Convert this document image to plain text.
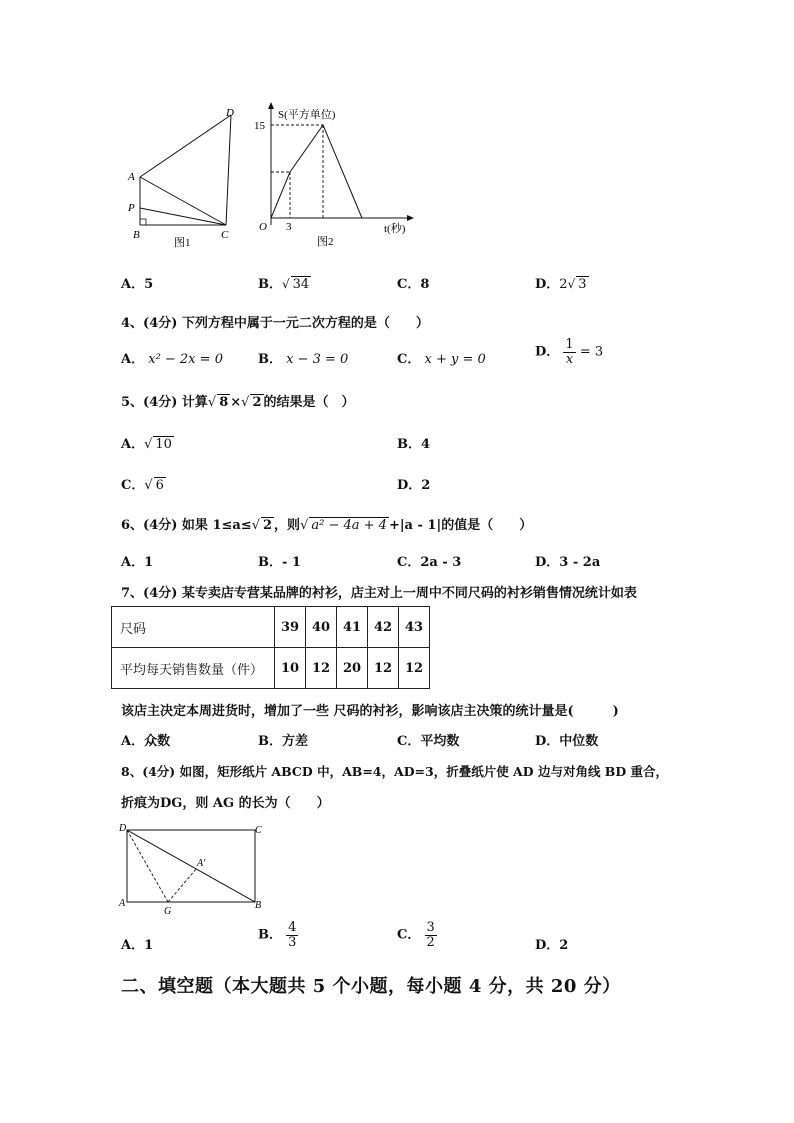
D
A
P
B	C
图1
S(平方单位)
15
O 3	t(秒)
图2
A．5	B．√ 34	C．8	D．2√ 3
4、(4分) 下列方程中属于一元二次方程的是（　　）
A． x² − 2x = 0	B． x − 3 = 0	C． x + y = 0	D． $\frac{1}{x} = 3$
5、(4分) 计算√ 8 ×√ 2 的结果是（　）
A．√ 10	B．4
C．√ 6	D．2
6、(4分) 如果 1≤a≤√ 2 ，则√ a² − 4a + 4 +|a - 1|的值是（　　）
A．1	B．- 1	C．2a - 3	D．3 - 2a
7、(4分) 某专卖店专营某品牌的衬衫，店主对上一周中不同尺码的衬衫销售情况统计如表
尺码	39	40	41	42	43
平均每天销售数量（件）	10	12	20	12	12
该店主决定本周进货时，增加了一些 尺码的衬衫，影响该店主决策的统计量是(　　　)
A．众数	B．方差	C．平均数	D．中位数
8、(4分) 如图，矩形纸片 ABCD 中，AB=4，AD=3，折叠纸片使 AD 边与对角线 BD 重合，
折痕为DG，则 AG 的长为（　　）
D	C
A′
A
G
B
A．1
B． $\frac{4}{3}$	C． $\frac{3}{2}$	D．2
二、填空题（本大题共 5 个小题，每小题 4 分，共 20 分）
